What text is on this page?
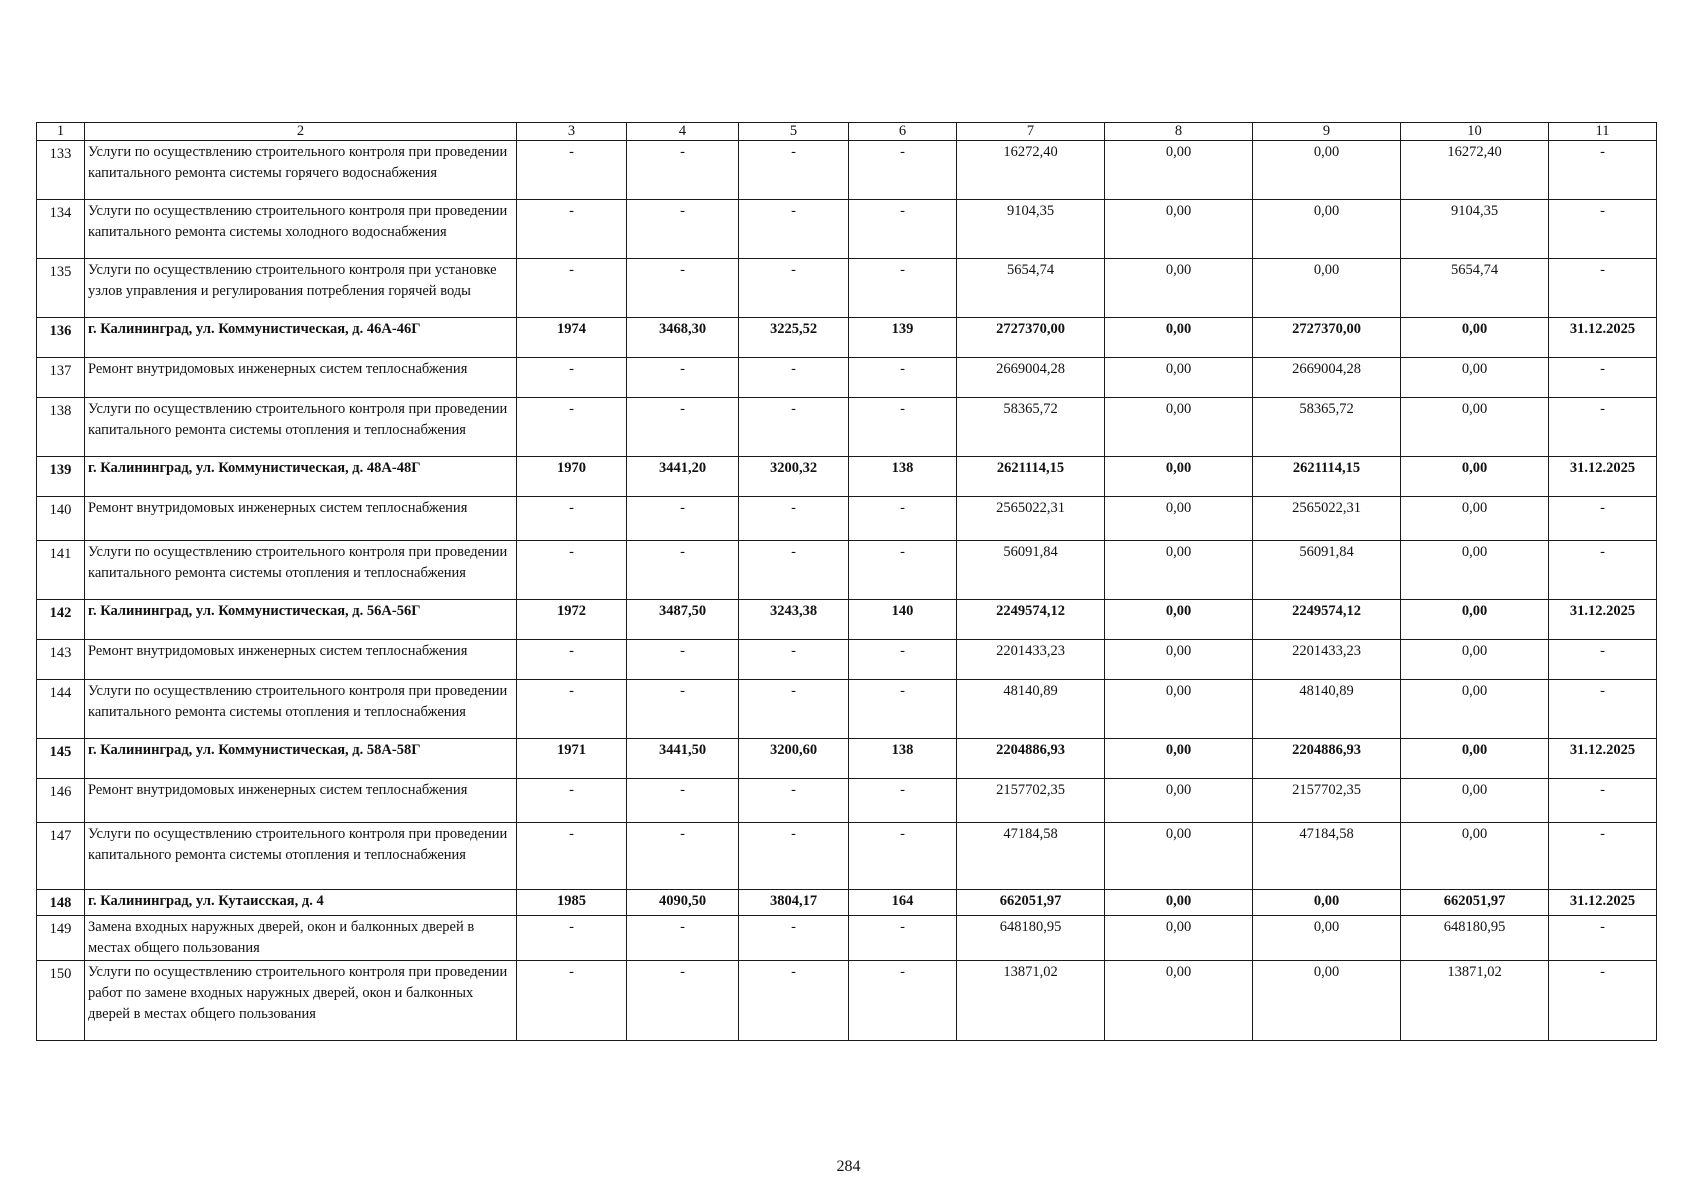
1	2	3	4	5	6	7	8	9	10	11
133	Услуги по осуществлению строительного контроля при проведении капитального ремонта системы горячего водоснабжения	-	-	-	-	16272,40	0,00	0,00	16272,40	-
134	Услуги по осуществлению строительного контроля при проведении капитального ремонта системы холодного водоснабжения	-	-	-	-	9104,35	0,00	0,00	9104,35	-
135	Услуги по осуществлению строительного контроля при установке узлов управления и регулирования потребления горячей воды	-	-	-	-	5654,74	0,00	0,00	5654,74	-
136	г. Калининград, ул. Коммунистическая, д. 46А-46Г	1974	3468,30	3225,52	139	2727370,00	0,00	2727370,00	0,00	31.12.2025
137	Ремонт внутридомовых инженерных систем теплоснабжения	-	-	-	-	2669004,28	0,00	2669004,28	0,00	-
138	Услуги по осуществлению строительного контроля при проведении капитального ремонта системы отопления и теплоснабжения	-	-	-	-	58365,72	0,00	58365,72	0,00	-
139	г. Калининград, ул. Коммунистическая, д. 48А-48Г	1970	3441,20	3200,32	138	2621114,15	0,00	2621114,15	0,00	31.12.2025
140	Ремонт внутридомовых инженерных систем теплоснабжения	-	-	-	-	2565022,31	0,00	2565022,31	0,00	-
141	Услуги по осуществлению строительного контроля при проведении капитального ремонта системы отопления и теплоснабжения	-	-	-	-	56091,84	0,00	56091,84	0,00	-
142	г. Калининград, ул. Коммунистическая, д. 56А-56Г	1972	3487,50	3243,38	140	2249574,12	0,00	2249574,12	0,00	31.12.2025
143	Ремонт внутридомовых инженерных систем теплоснабжения	-	-	-	-	2201433,23	0,00	2201433,23	0,00	-
144	Услуги по осуществлению строительного контроля при проведении капитального ремонта системы отопления и теплоснабжения	-	-	-	-	48140,89	0,00	48140,89	0,00	-
145	г. Калининград, ул. Коммунистическая, д. 58А-58Г	1971	3441,50	3200,60	138	2204886,93	0,00	2204886,93	0,00	31.12.2025
146	Ремонт внутридомовых инженерных систем теплоснабжения	-	-	-	-	2157702,35	0,00	2157702,35	0,00	-
147	Услуги по осуществлению строительного контроля при проведении капитального ремонта системы отопления и теплоснабжения	-	-	-	-	47184,58	0,00	47184,58	0,00	-
148	г. Калининград, ул. Кутаисская, д. 4	1985	4090,50	3804,17	164	662051,97	0,00	0,00	662051,97	31.12.2025
149	Замена входных наружных дверей, окон и балконных дверей в местах общего пользования	-	-	-	-	648180,95	0,00	0,00	648180,95	-
150	Услуги по осуществлению строительного контроля при проведении работ по замене входных наружных дверей, окон и балконных дверей в местах общего пользования	-	-	-	-	13871,02	0,00	0,00	13871,02	-
284
